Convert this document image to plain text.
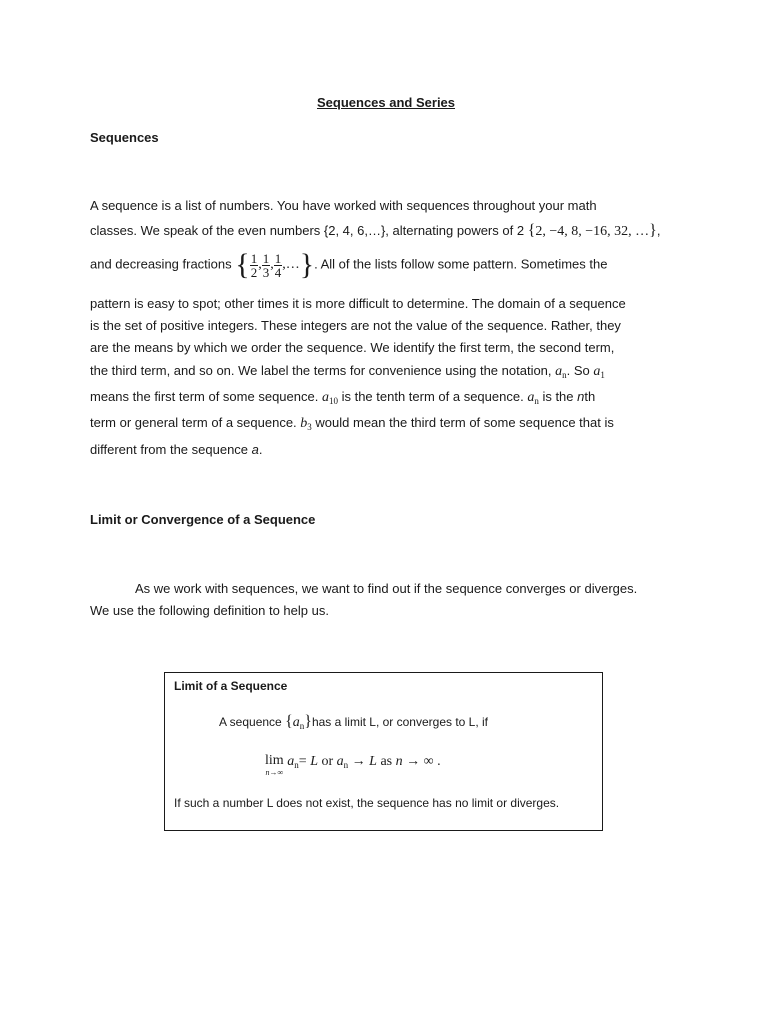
Sequences and Series
Sequences
A sequence is a list of numbers. You have worked with sequences throughout your math
classes. We speak of the even numbers {2, 4, 6,…}, alternating powers of 2 {2, −4, 8, −16, 32, …},
and decreasing fractions { $\frac{1}{2}$ , $\frac{1}{3}$ , $\frac{1}{4}$ ,…}. All of the lists follow some pattern. Sometimes the
pattern is easy to spot; other times it is more difficult to determine. The domain of a sequence
is the set of positive integers. These integers are not the value of the sequence. Rather, they
are the means by which we order the sequence. We identify the first term, the second term,
the third term, and so on. We label the terms for convenience using the notation, $a_n$. So $a_1$
means the first term of some sequence. $a_{10}$ is the tenth term of a sequence. $a_n$ is the nth
term or general term of a sequence. $b_3$ would mean the third term of some sequence that is
different from the sequence a.
Limit or Convergence of a Sequence
As we work with sequences, we want to find out if the sequence converges or diverges.
We use the following definition to help us.
Limit of a Sequence
A sequence $\{a_n\}has$ a limit L, or converges to L, if
lim
n→∞
$a_n= L$ or $a_n \to L$ as n → ∞ .
If such a number L does not exist, the sequence has no limit or diverges.
